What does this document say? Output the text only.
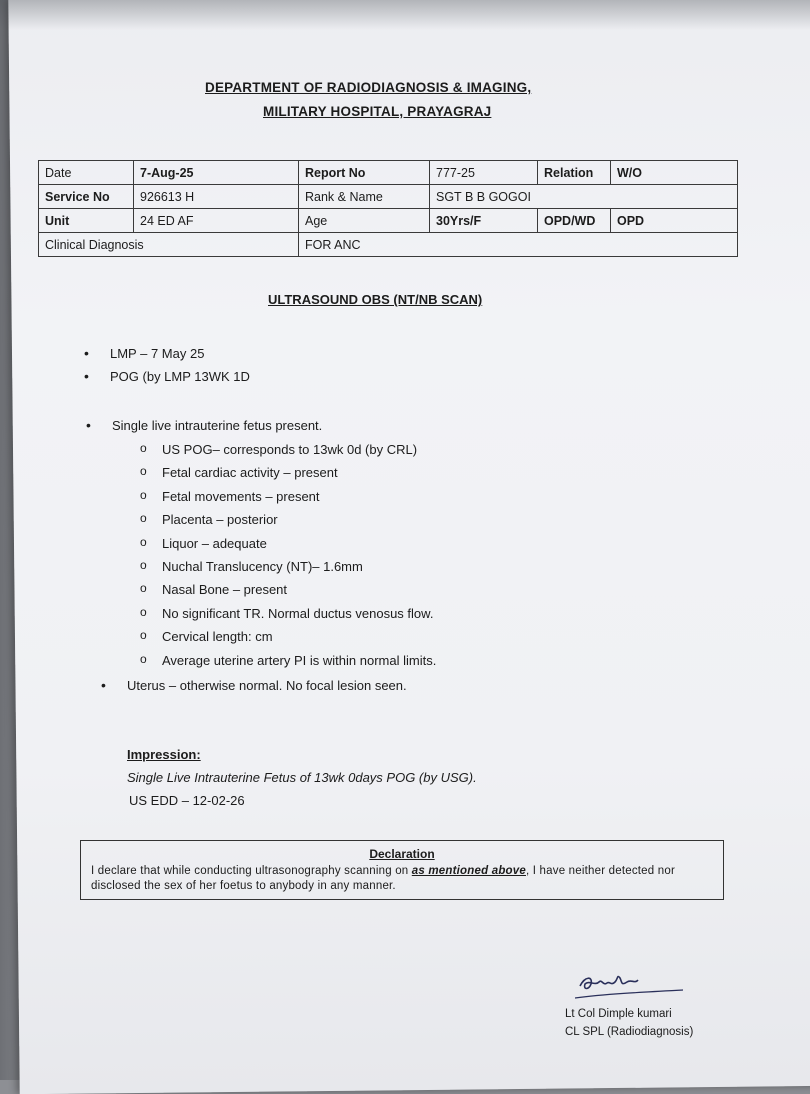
DEPARTMENT OF RADIODIAGNOSIS & IMAGING,
MILITARY HOSPITAL, PRAYAGRAJ
Date	7-Aug-25	Report No	777-25	Relation	W/O
Service No	926613 H	Rank & Name	SGT B B GOGOI		
Unit	24 ED AF	Age	30Yrs/F	OPD/WD	OPD
Clinical Diagnosis		FOR ANC			
ULTRASOUND OBS (NT/NB SCAN)
• LMP – 7 May 25
• POG (by LMP 13WK 1D
• Single live intrauterine fetus present.
o US POG– corresponds to 13wk 0d (by CRL)
o Fetal cardiac activity – present
o Fetal movements – present
o Placenta – posterior
o Liquor – adequate
o Nuchal Translucency (NT)– 1.6mm
o Nasal Bone – present
o No significant TR. Normal ductus venosus flow.
o Cervical length: cm
o Average uterine artery PI is within normal limits.
• Uterus – otherwise normal. No focal lesion seen.
Impression:
Single Live Intrauterine Fetus of 13wk 0days POG (by USG).
US EDD – 12-02-26
Declaration
I declare that while conducting ultrasonography scanning on as mentioned above, I have neither detected nor disclosed the sex of her foetus to anybody in any manner.
Lt Col Dimple kumari
CL SPL (Radiodiagnosis)
